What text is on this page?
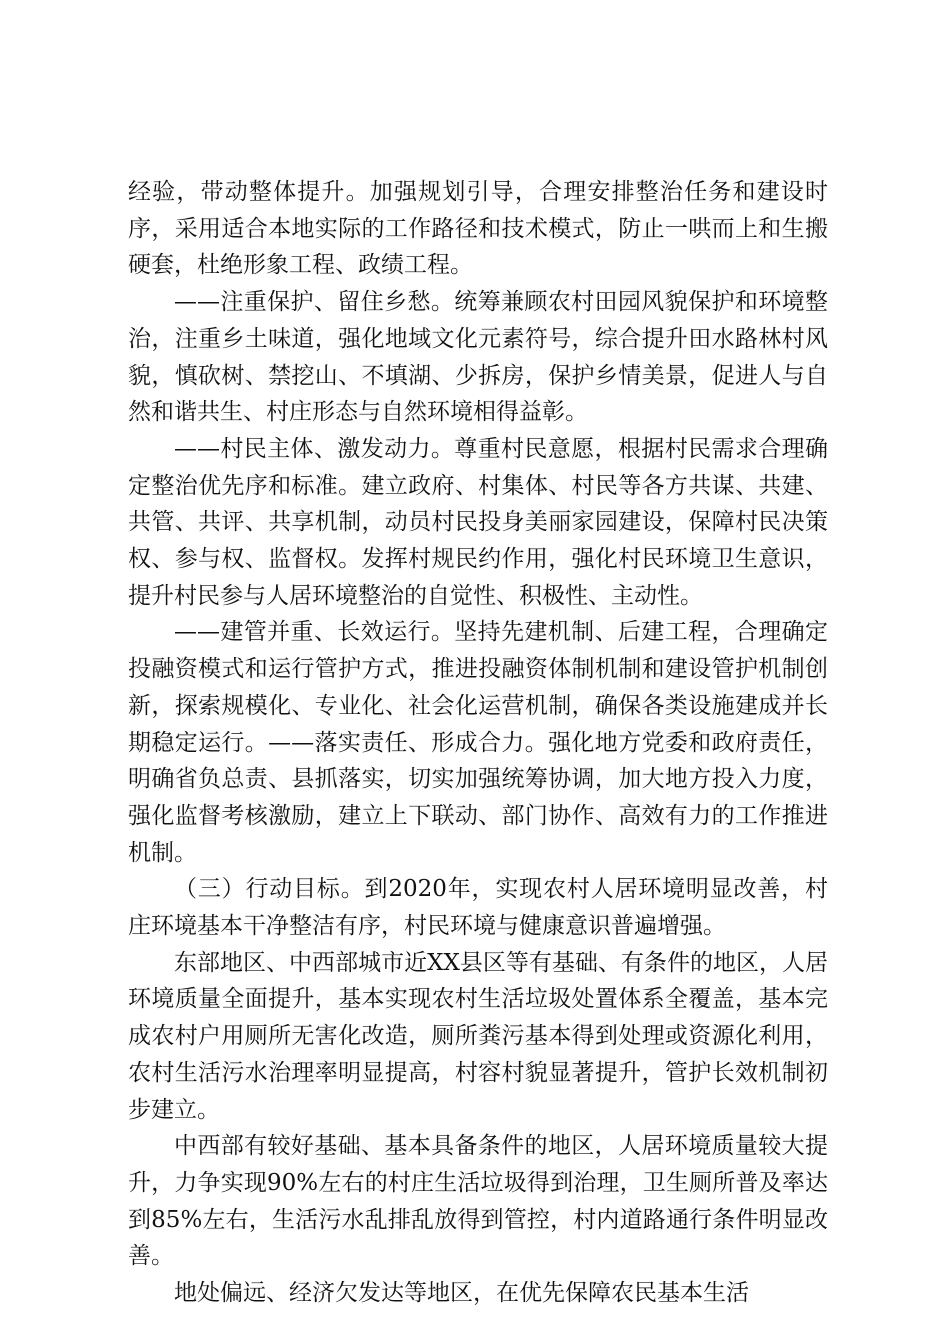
经验，带动整体提升。加强规划引导，合理安排整治任务和建设时序，采用适合本地实际的工作路径和技术模式，防止一哄而上和生搬硬套，杜绝形象工程、政绩工程。

——注重保护、留住乡愁。统筹兼顾农村田园风貌保护和环境整治，注重乡土味道，强化地域文化元素符号，综合提升田水路林村风貌，慎砍树、禁挖山、不填湖、少拆房，保护乡情美景，促进人与自然和谐共生、村庄形态与自然环境相得益彰。

——村民主体、激发动力。尊重村民意愿，根据村民需求合理确定整治优先序和标准。建立政府、村集体、村民等各方共谋、共建、共管、共评、共享机制，动员村民投身美丽家园建设，保障村民决策权、参与权、监督权。发挥村规民约作用，强化村民环境卫生意识，提升村民参与人居环境整治的自觉性、积极性、主动性。

——建管并重、长效运行。坚持先建机制、后建工程，合理确定投融资模式和运行管护方式，推进投融资体制机制和建设管护机制创新，探索规模化、专业化、社会化运营机制，确保各类设施建成并长期稳定运行。——落实责任、形成合力。强化地方党委和政府责任，明确省负总责、县抓落实，切实加强统筹协调，加大地方投入力度，强化监督考核激励，建立上下联动、部门协作、高效有力的工作推进机制。

（三）行动目标。到2020年，实现农村人居环境明显改善，村庄环境基本干净整洁有序，村民环境与健康意识普遍增强。

东部地区、中西部城市近XX县区等有基础、有条件的地区，人居环境质量全面提升，基本实现农村生活垃圾处置体系全覆盖，基本完成农村户用厕所无害化改造，厕所粪污基本得到处理或资源化利用，农村生活污水治理率明显提高，村容村貌显著提升，管护长效机制初步建立。

中西部有较好基础、基本具备条件的地区，人居环境质量较大提升，力争实现90%左右的村庄生活垃圾得到治理，卫生厕所普及率达到85%左右，生活污水乱排乱放得到管控，村内道路通行条件明显改善。

地处偏远、经济欠发达等地区，在优先保障农民基本生活
